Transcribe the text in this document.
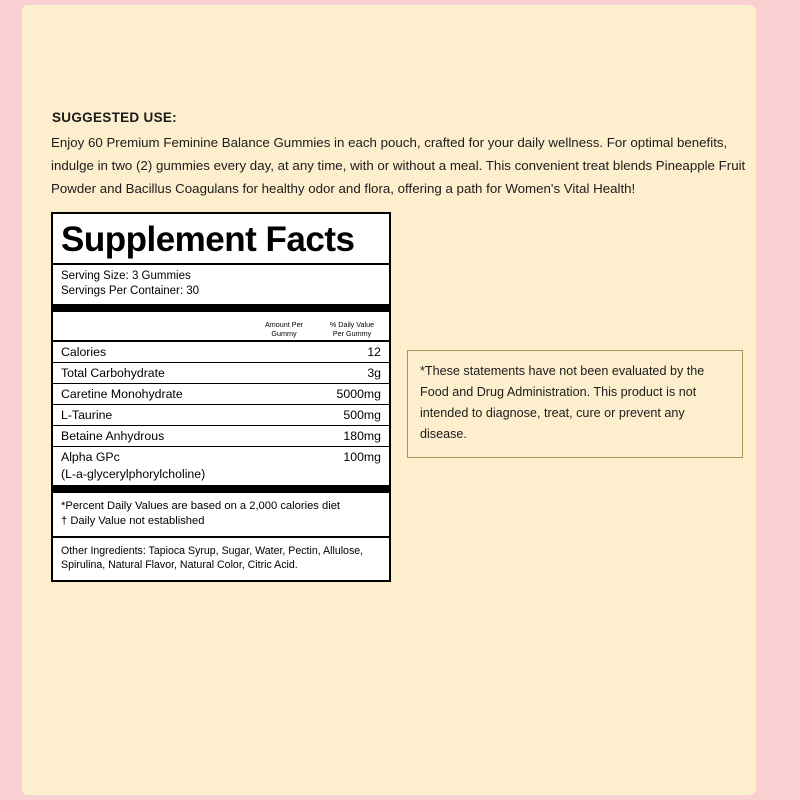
SUGGESTED USE:
Enjoy 60 Premium Feminine Balance Gummies in each pouch, crafted for your daily wellness. For optimal benefits, indulge in two (2) gummies every day, at any time, with or without a meal. This convenient treat blends Pineapple Fruit Powder and Bacillus Coagulans for healthy odor and flora, offering a path for Women's Vital Health!
Supplement Facts
Serving Size: 3 Gummies
Servings Per Container: 30
Amount Per
Gummy
% Daily Value
Per Gummy
Calories	12
Total Carbohydrate	3g
Caretine Monohydrate	5000mg
L-Taurine	500mg
Betaine Anhydrous	180mg
Alpha GPc	100mg
(L-a-glycerylphorylcholine)
*Percent Daily Values are based on a 2,000 calories diet
† Daily Value not established
Other Ingredients: Tapioca Syrup, Sugar, Water, Pectin, Allulose, Spirulina, Natural Flavor, Natural Color, Citric Acid.
*These statements have not been evaluated by the Food and Drug Administration. This product is not intended to diagnose, treat, cure or prevent any disease.
